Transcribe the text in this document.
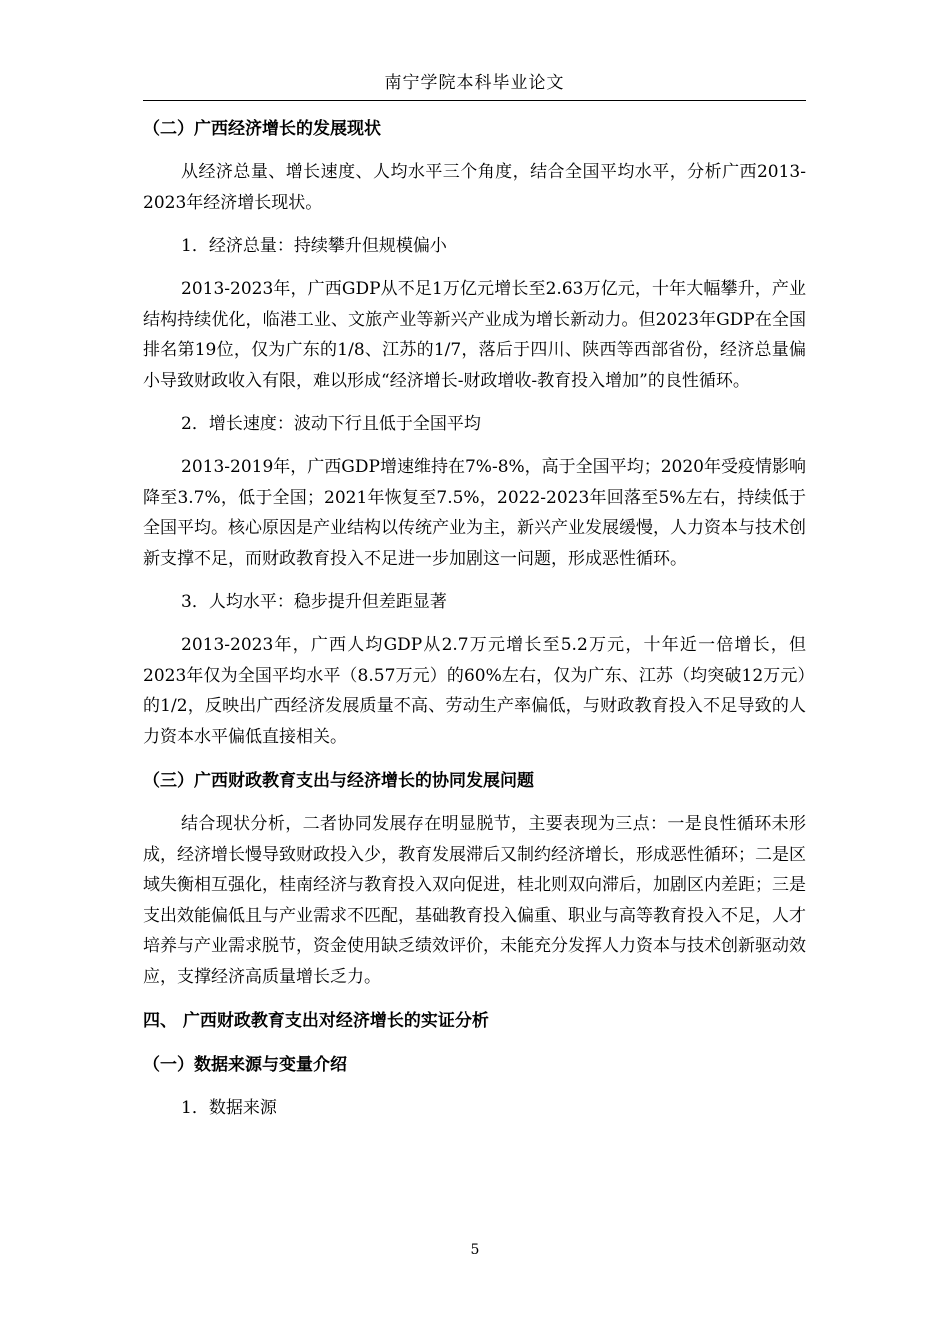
南宁学院本科毕业论文

（二）广西经济增长的发展现状

从经济总量、增长速度、人均水平三个角度，结合全国平均水平，分析广西2013-2023年经济增长现状。

1．经济总量：持续攀升但规模偏小

2013-2023年，广西GDP从不足1万亿元增长至2.63万亿元，十年大幅攀升，产业结构持续优化，临港工业、文旅产业等新兴产业成为增长新动力。但2023年GDP在全国排名第19位，仅为广东的1/8、江苏的1/7，落后于四川、陕西等西部省份，经济总量偏小导致财政收入有限，难以形成“经济增长-财政增收-教育投入增加”的良性循环。

2．增长速度：波动下行且低于全国平均

2013-2019年，广西GDP增速维持在7%-8%，高于全国平均；2020年受疫情影响降至3.7%，低于全国；2021年恢复至7.5%，2022-2023年回落至5%左右，持续低于全国平均。核心原因是产业结构以传统产业为主，新兴产业发展缓慢，人力资本与技术创新支撑不足，而财政教育投入不足进一步加剧这一问题，形成恶性循环。

3．人均水平：稳步提升但差距显著

2013-2023年，广西人均GDP从2.7万元增长至5.2万元，十年近一倍增长，但2023年仅为全国平均水平（8.57万元）的60%左右，仅为广东、江苏（均突破12万元）的1/2，反映出广西经济发展质量不高、劳动生产率偏低，与财政教育投入不足导致的人力资本水平偏低直接相关。

（三）广西财政教育支出与经济增长的协同发展问题

结合现状分析，二者协同发展存在明显脱节，主要表现为三点：一是良性循环未形成，经济增长慢导致财政投入少，教育发展滞后又制约经济增长，形成恶性循环；二是区域失衡相互强化，桂南经济与教育投入双向促进，桂北则双向滞后，加剧区内差距；三是支出效能偏低且与产业需求不匹配，基础教育投入偏重、职业与高等教育投入不足，人才培养与产业需求脱节，资金使用缺乏绩效评价，未能充分发挥人力资本与技术创新驱动效应，支撑经济高质量增长乏力。

四、 广西财政教育支出对经济增长的实证分析

（一）数据来源与变量介绍

1．数据来源

5
